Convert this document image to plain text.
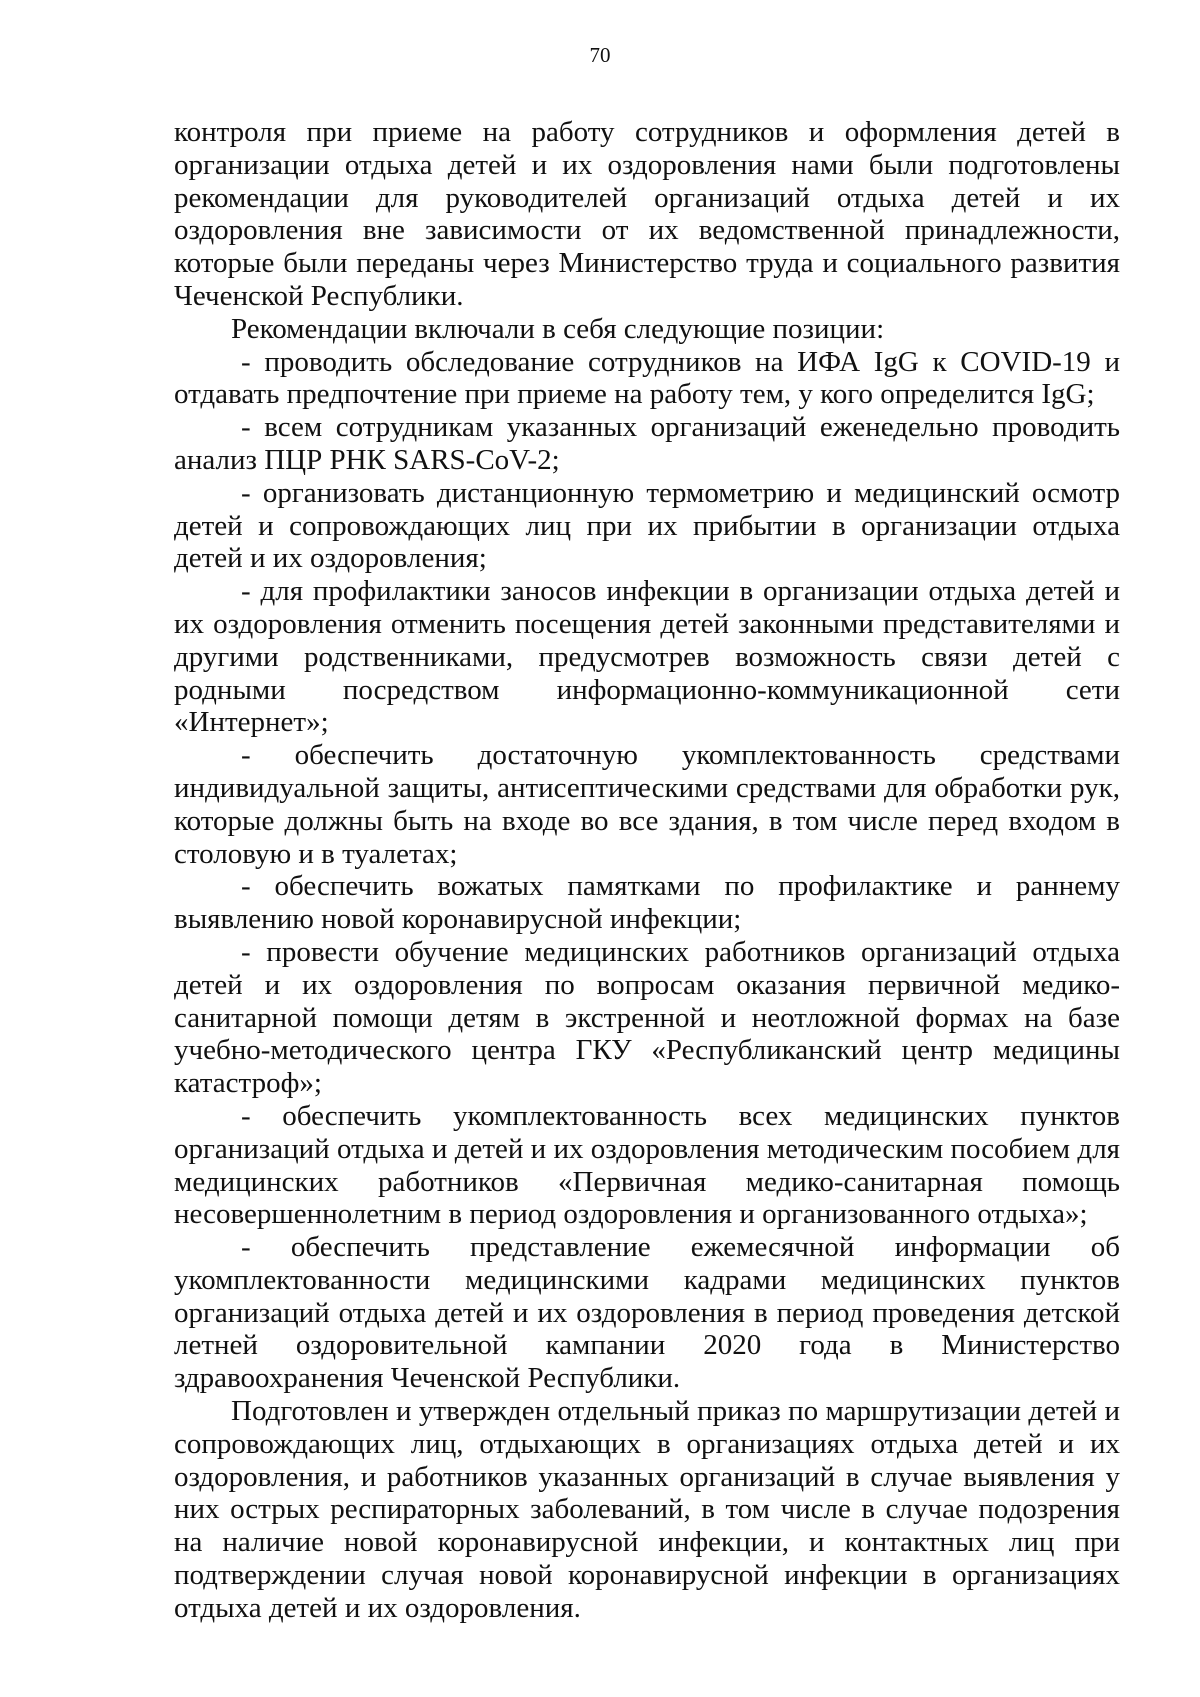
70

контроля при приеме на работу сотрудников и оформления детей в организации отдыха детей и их оздоровления нами были подготовлены рекомендации для руководителей организаций отдыха детей и их оздоровления вне зависимости от их ведомственной принадлежности, которые были переданы через Министерство труда и социального развития Чеченской Республики.

Рекомендации включали в себя следующие позиции:

- проводить обследование сотрудников на ИФА IgG к COVID-19 и отдавать предпочтение при приеме на работу тем, у кого определится IgG;

- всем сотрудникам указанных организаций еженедельно проводить анализ ПЦР РНК SARS-CoV-2;

- организовать дистанционную термометрию и медицинский осмотр детей и сопровождающих лиц при их прибытии в организации отдыха детей и их оздоровления;

- для профилактики заносов инфекции в организации отдыха детей и их оздоровления отменить посещения детей законными представителями и другими родственниками, предусмотрев возможность связи детей с родными посредством информационно-коммуникационной сети «Интернет»;

- обеспечить достаточную укомплектованность средствами индивидуальной защиты, антисептическими средствами для обработки рук, которые должны быть на входе во все здания, в том числе перед входом в столовую и в туалетах;

- обеспечить вожатых памятками по профилактике и раннему выявлению новой коронавирусной инфекции;

- провести обучение медицинских работников организаций отдыха детей и их оздоровления по вопросам оказания первичной медико-санитарной помощи детям в экстренной и неотложной формах на базе учебно-методического центра ГКУ «Республиканский центр медицины катастроф»;

- обеспечить укомплектованность всех медицинских пунктов организаций отдыха и детей и их оздоровления методическим пособием для медицинских работников «Первичная медико-санитарная помощь несовершеннолетним в период оздоровления и организованного отдыха»;

- обеспечить представление ежемесячной информации об укомплектованности медицинскими кадрами медицинских пунктов организаций отдыха детей и их оздоровления в период проведения детской летней оздоровительной кампании 2020 года в Министерство здравоохранения Чеченской Республики.

Подготовлен и утвержден отдельный приказ по маршрутизации детей и сопровождающих лиц, отдыхающих в организациях отдыха детей и их оздоровления, и работников указанных организаций в случае выявления у них острых респираторных заболеваний, в том числе в случае подозрения на наличие новой коронавирусной инфекции, и контактных лиц при подтверждении случая новой коронавирусной инфекции в организациях отдыха детей и их оздоровления.
